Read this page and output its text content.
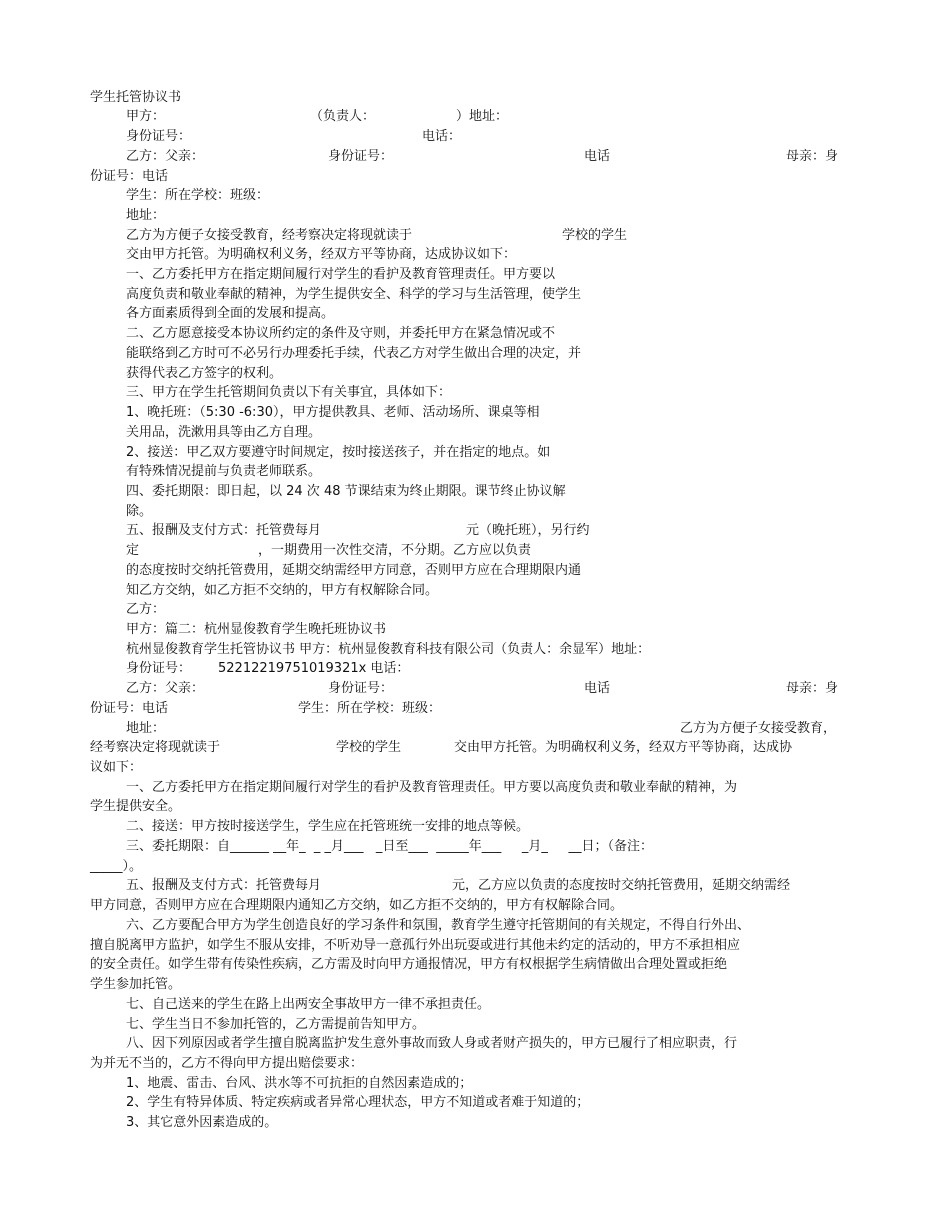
学生托管协议书

甲方：

	（负责人：

	）地址：

身份证号：

	电话：

乙方：父亲：

	身份证号：

	电话

	母亲：身

份证号：电话
学生：所在学校：班级：
地址：

乙方为方便子女接受教育，经考察决定将现就读于

	学校的学生

交由甲方托管。为明确权利义务，经双方平等协商，达成协议如下：
一、乙方委托甲方在指定期间履行对学生的看护及教育管理责任。甲方要以
高度负责和敬业奉献的精神，为学生提供安全、科学的学习与生活管理，使学生
各方面素质得到全面的发展和提高。
二、乙方愿意接受本协议所约定的条件及守则，并委托甲方在紧急情况或不
能联络到乙方时可不必另行办理委托手续，代表乙方对学生做出合理的决定，并
获得代表乙方签字的权利。
三、甲方在学生托管期间负责以下有关事宜，具体如下：
1、晚托班：（5:30 -6:30），甲方提供教具、老师、活动场所、课桌等相
关用品，洗漱用具等由乙方自理。
2、接送：甲乙双方要遵守时间规定，按时接送孩子，并在指定的地点。如
有特殊情况提前与负责老师联系。
四、委托期限：即日起，以 24 次 48 节课结束为终止期限。课节终止协议解
除。

五、报酬及支付方式：托管费每月

	元（晚托班），另行约

定

	，一期费用一次性交清，不分期。乙方应以负责

的态度按时交纳托管费用，延期交纳需经甲方同意，否则甲方应在合理期限内通
知乙方交纳，如乙方拒不交纳的，甲方有权解除合同。
乙方：
甲方：篇二：杭州显俊教育学生晚托班协议书
杭州显俊教育学生托管协议书 甲方：杭州显俊教育科技有限公司（负责人：余显军）地址：

身份证号：

52212219751019321x 电话：

乙方：父亲：

	身份证号：

	电话

	母亲：身

份证号：电话

	学生：所在学校：班级：

地址：

	乙方为方便子女接受教育，

经考察决定将现就读于

	学校的学生

	交由甲方托管。为明确权利义务，经双方平等协商，达成协

议如下：
一、乙方委托甲方在指定期间履行对学生的看护及教育管理责任。甲方要以高度负责和敬业奉献的精神，为
学生提供安全。
二、接送：甲方按时接送学生，学生应在托管班统一安排的地点等候。
三、委托期限：自______ __年_  _ _月___   _日至___  _____年___     _月_     __日；（备注：
_____）。

五、报酬及支付方式：托管费每月

	元，乙方应以负责的态度按时交纳托管费用，延期交纳需经

甲方同意，否则甲方应在合理期限内通知乙方交纳，如乙方拒不交纳的，甲方有权解除合同。
六、乙方要配合甲方为学生创造良好的学习条件和氛围，教育学生遵守托管期间的有关规定，不得自行外出、
擅自脱离甲方监护，如学生不服从安排，不听劝导一意孤行外出玩耍或进行其他未约定的活动的，甲方不承担相应
的安全责任。如学生带有传染性疾病，乙方需及时向甲方通报情况，甲方有权根据学生病情做出合理处置或拒绝
学生参加托管。
七、自己送来的学生在路上出两安全事故甲方一律不承担责任。
七、学生当日不参加托管的，乙方需提前告知甲方。
八、因下列原因或者学生擅自脱离监护发生意外事故而致人身或者财产损失的，甲方已履行了相应职责，行
为并无不当的，乙方不得向甲方提出赔偿要求：
1、地震、雷击、台风、洪水等不可抗拒的自然因素造成的；
2、学生有特异体质、特定疾病或者异常心理状态，甲方不知道或者难于知道的；
3、其它意外因素造成的。
